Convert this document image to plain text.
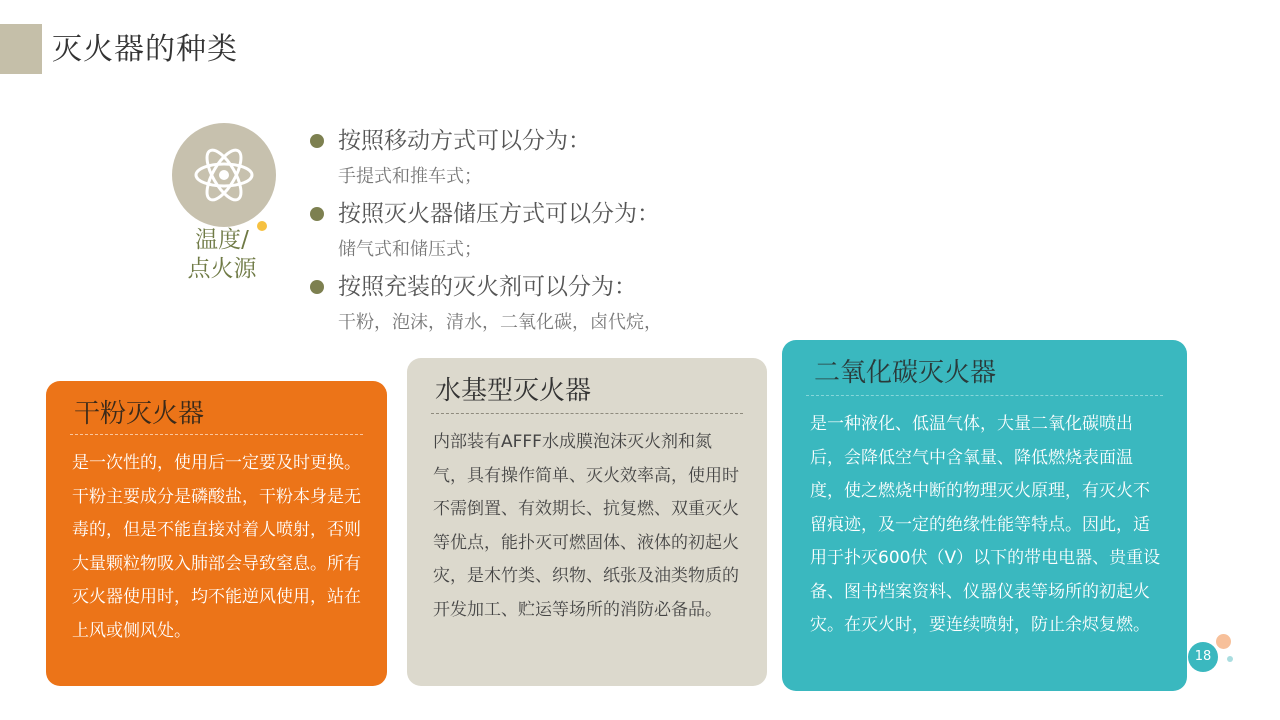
灭火器的种类
温度/
点火源
按照移动方式可以分为：
手提式和推车式；
按照灭火器储压方式可以分为：
储气式和储压式；
按照充装的灭火剂可以分为：
干粉，泡沫，清水，二氧化碳，卤代烷，
干粉灭火器
是一次性的，使用后一定要及时更换。干粉主要成分是磷酸盐，干粉本身是无毒的，但是不能直接对着人喷射，否则大量颗粒物吸入肺部会导致窒息。所有灭火器使用时，均不能逆风使用，站在上风或侧风处。
水基型灭火器
内部装有AFFF水成膜泡沫灭火剂和氮气，具有操作简单、灭火效率高，使用时不需倒置、有效期长、抗复燃、双重灭火等优点，能扑灭可燃固体、液体的初起火灾，是木竹类、织物、纸张及油类物质的开发加工、贮运等场所的消防必备品。
二氧化碳灭火器
是一种液化、低温气体，大量二氧化碳喷出后，会降低空气中含氧量、降低燃烧表面温度，使之燃烧中断的物理灭火原理，有灭火不留痕迹，及一定的绝缘性能等特点。因此，适用于扑灭600伏（V）以下的带电电器、贵重设备、图书档案资料、仪器仪表等场所的初起火灾。在灭火时，要连续喷射，防止余烬复燃。
18
